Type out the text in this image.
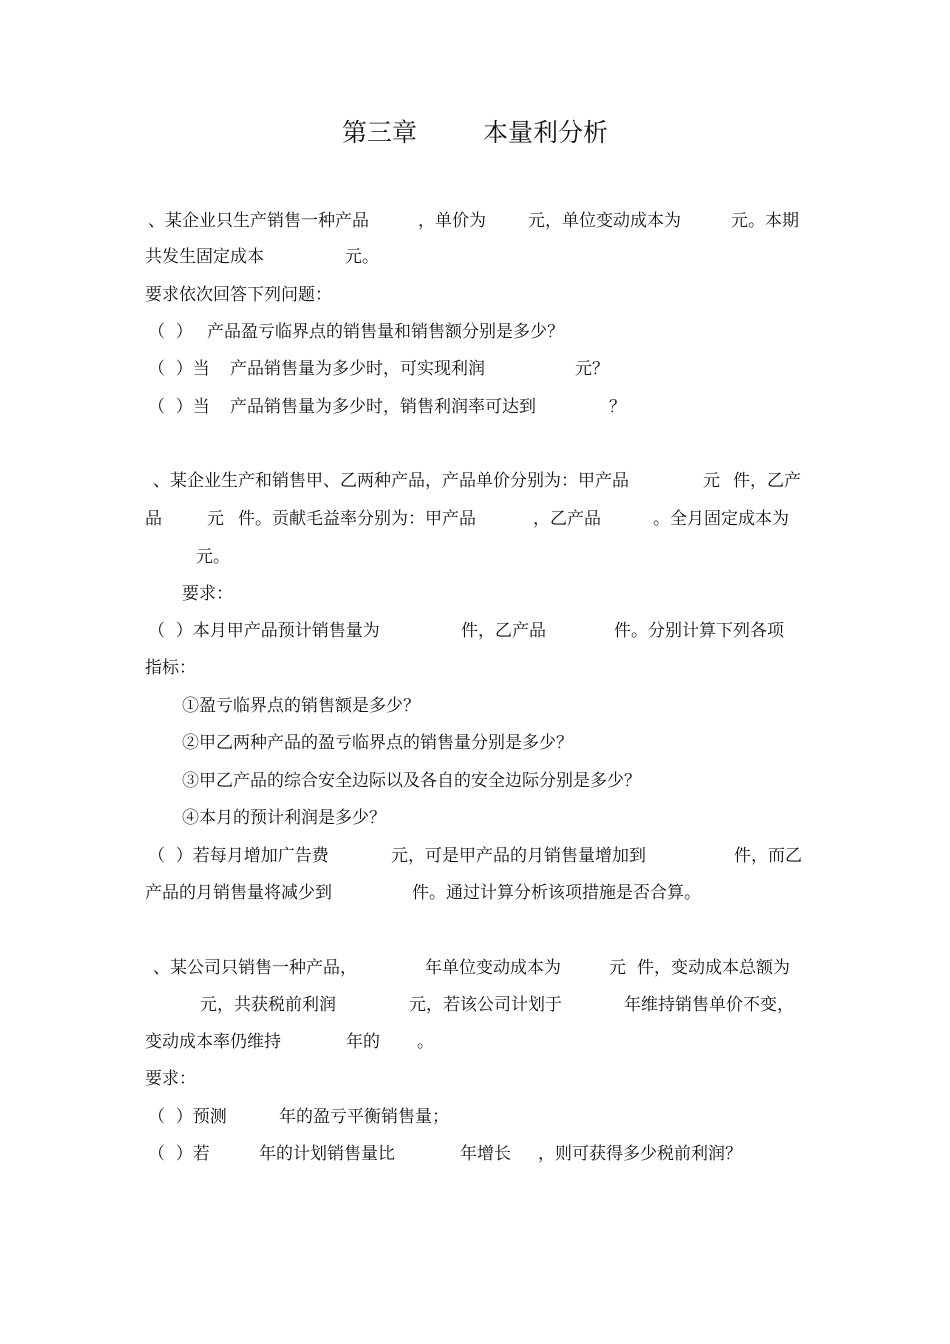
第三章	本量利分析
、某企业只生产销售一种产品	，单价为 元，单位变动成本为	元。本期
共发生固定成本	元。
要求依次回答下列问题：
（  ） 产品盈亏临界点的销售量和销售额分别是多少？
（  ）当 产品销售量为多少时，可实现利润	元？
（  ）当 产品销售量为多少时，销售利润率可达到	？
、某企业生产和销售甲、乙两种产品，产品单价分别为：甲产品	元 件，乙产
品	元 件。贡献毛益率分别为：甲产品	，乙产品	。全月固定成本为
元。
要求：
（  ）本月甲产品预计销售量为	件，乙产品	件。分别计算下列各项
指标：
①盈亏临界点的销售额是多少？
②甲乙两种产品的盈亏临界点的销售量分别是多少？
③甲乙产品的综合安全边际以及各自的安全边际分别是多少？
④本月的预计利润是多少？
（  ）若每月增加广告费	元，可是甲产品的月销售量增加到	件，而乙
产品的月销售量将减少到	件。通过计算分析该项措施是否合算。
、某公司只销售一种产品，	年单位变动成本为	元 件，变动成本总额为
元，共获税前利润	元，若该公司计划于	年维持销售单价不变，
变动成本率仍维持	年的 。
要求：
（  ）预测	年的盈亏平衡销售量；
（  ）若	年的计划销售量比	年增长 ，则可获得多少税前利润？
